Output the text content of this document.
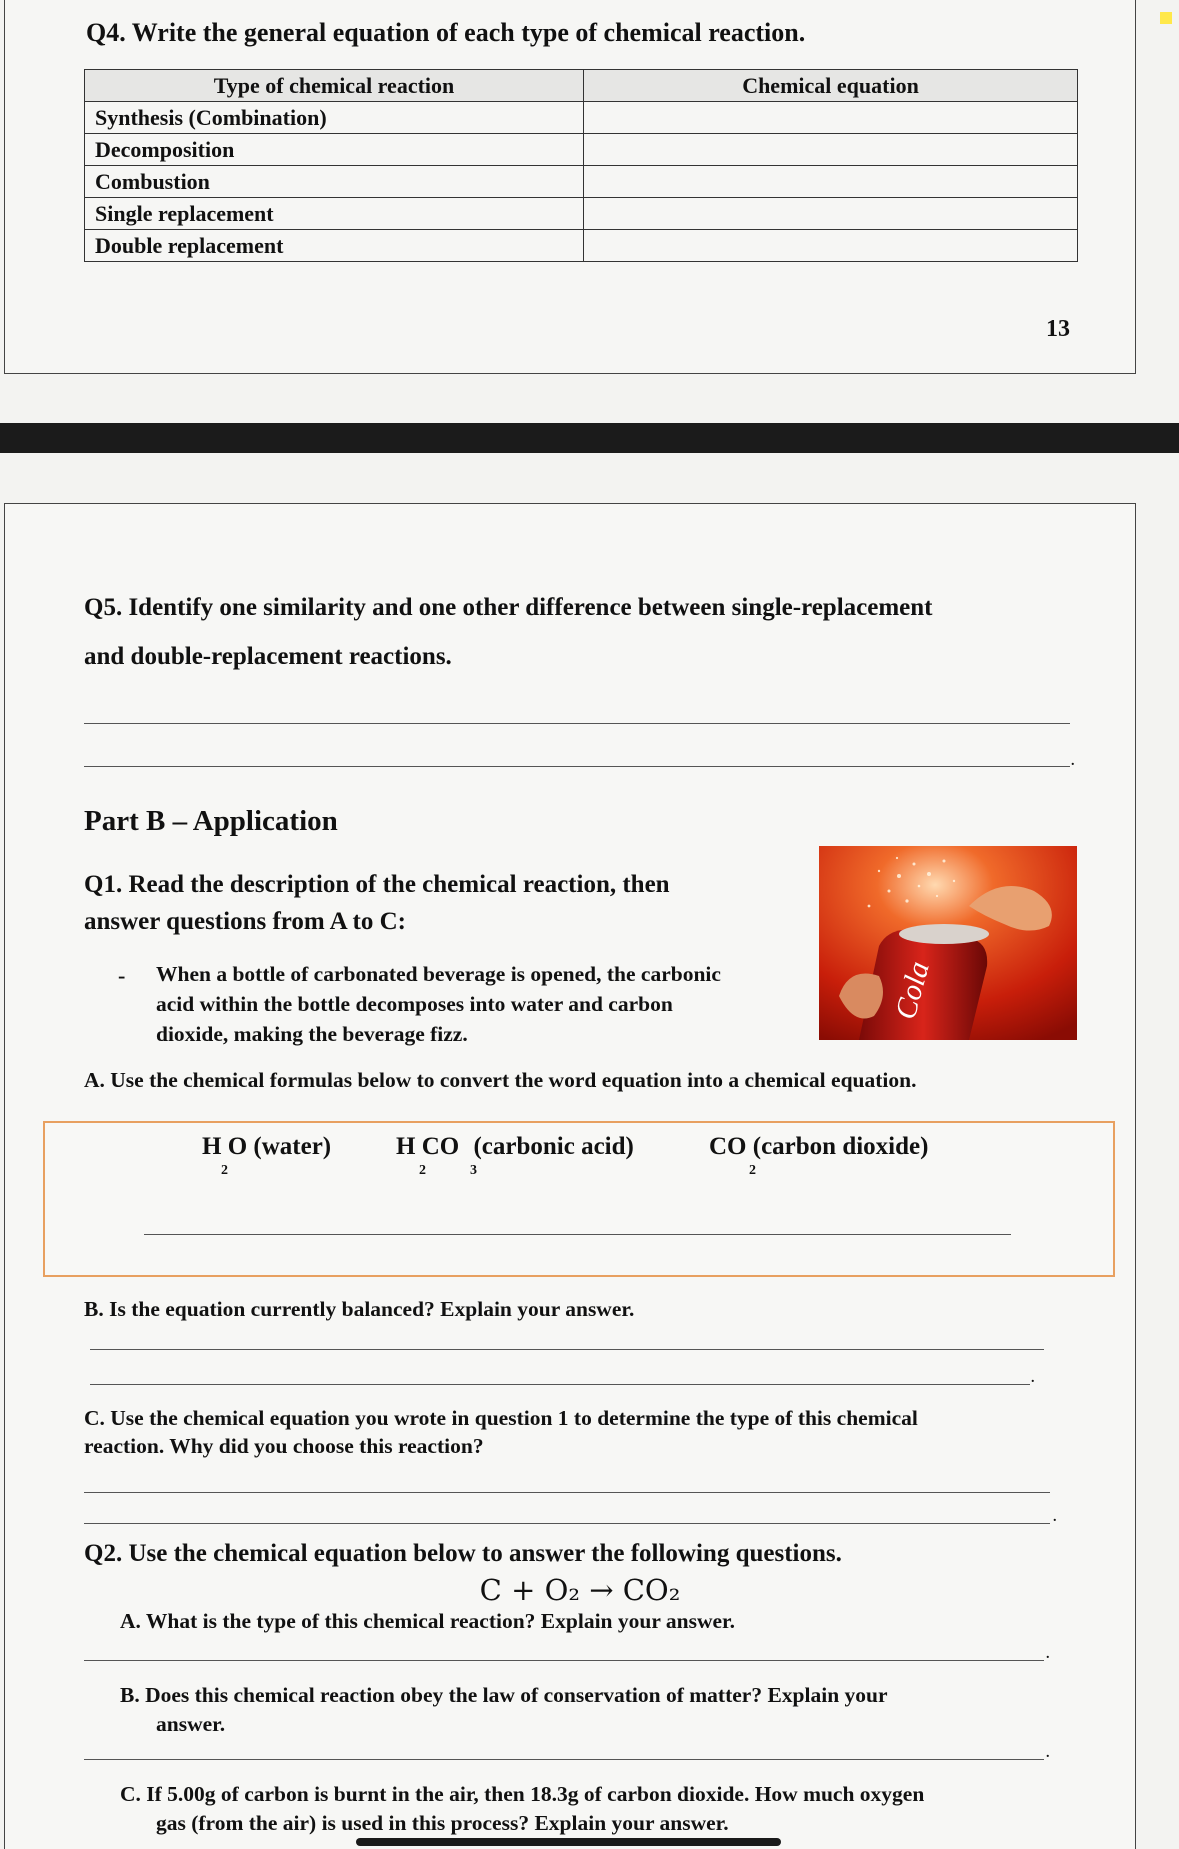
Q4. Write the general equation of each type of chemical reaction.
Type of chemical reaction	Chemical equation
Synthesis (Combination)	
Decomposition	
Combustion	
Single replacement	
Double replacement	
13
Q5. Identify one similarity and one other difference between single-replacement
and double-replacement reactions.
.
Part B – Application
Q1. Read the description of the chemical reaction, then
answer questions from A to C:
- When a bottle of carbonated beverage is opened, the carbonic
acid within the bottle decomposes into water and carbon
dioxide, making the beverage fizz.
Cola
A. Use the chemical formulas below to convert the word equation into a chemical equation.
H O (water)
2
H CO (carbonic acid)
2	3
CO (carbon dioxide)
2
B. Is the equation currently balanced? Explain your answer.
.
C. Use the chemical equation you wrote in question 1 to determine the type of this chemical
reaction. Why did you choose this reaction?
.
Q2. Use the chemical equation below to answer the following questions.
C + O₂ → CO₂
A. What is the type of this chemical reaction? Explain your answer.
.
B. Does this chemical reaction obey the law of conservation of matter? Explain your
answer.
.
C. If 5.00g of carbon is burnt in the air, then 18.3g of carbon dioxide. How much oxygen
gas (from the air) is used in this process? Explain your answer.
